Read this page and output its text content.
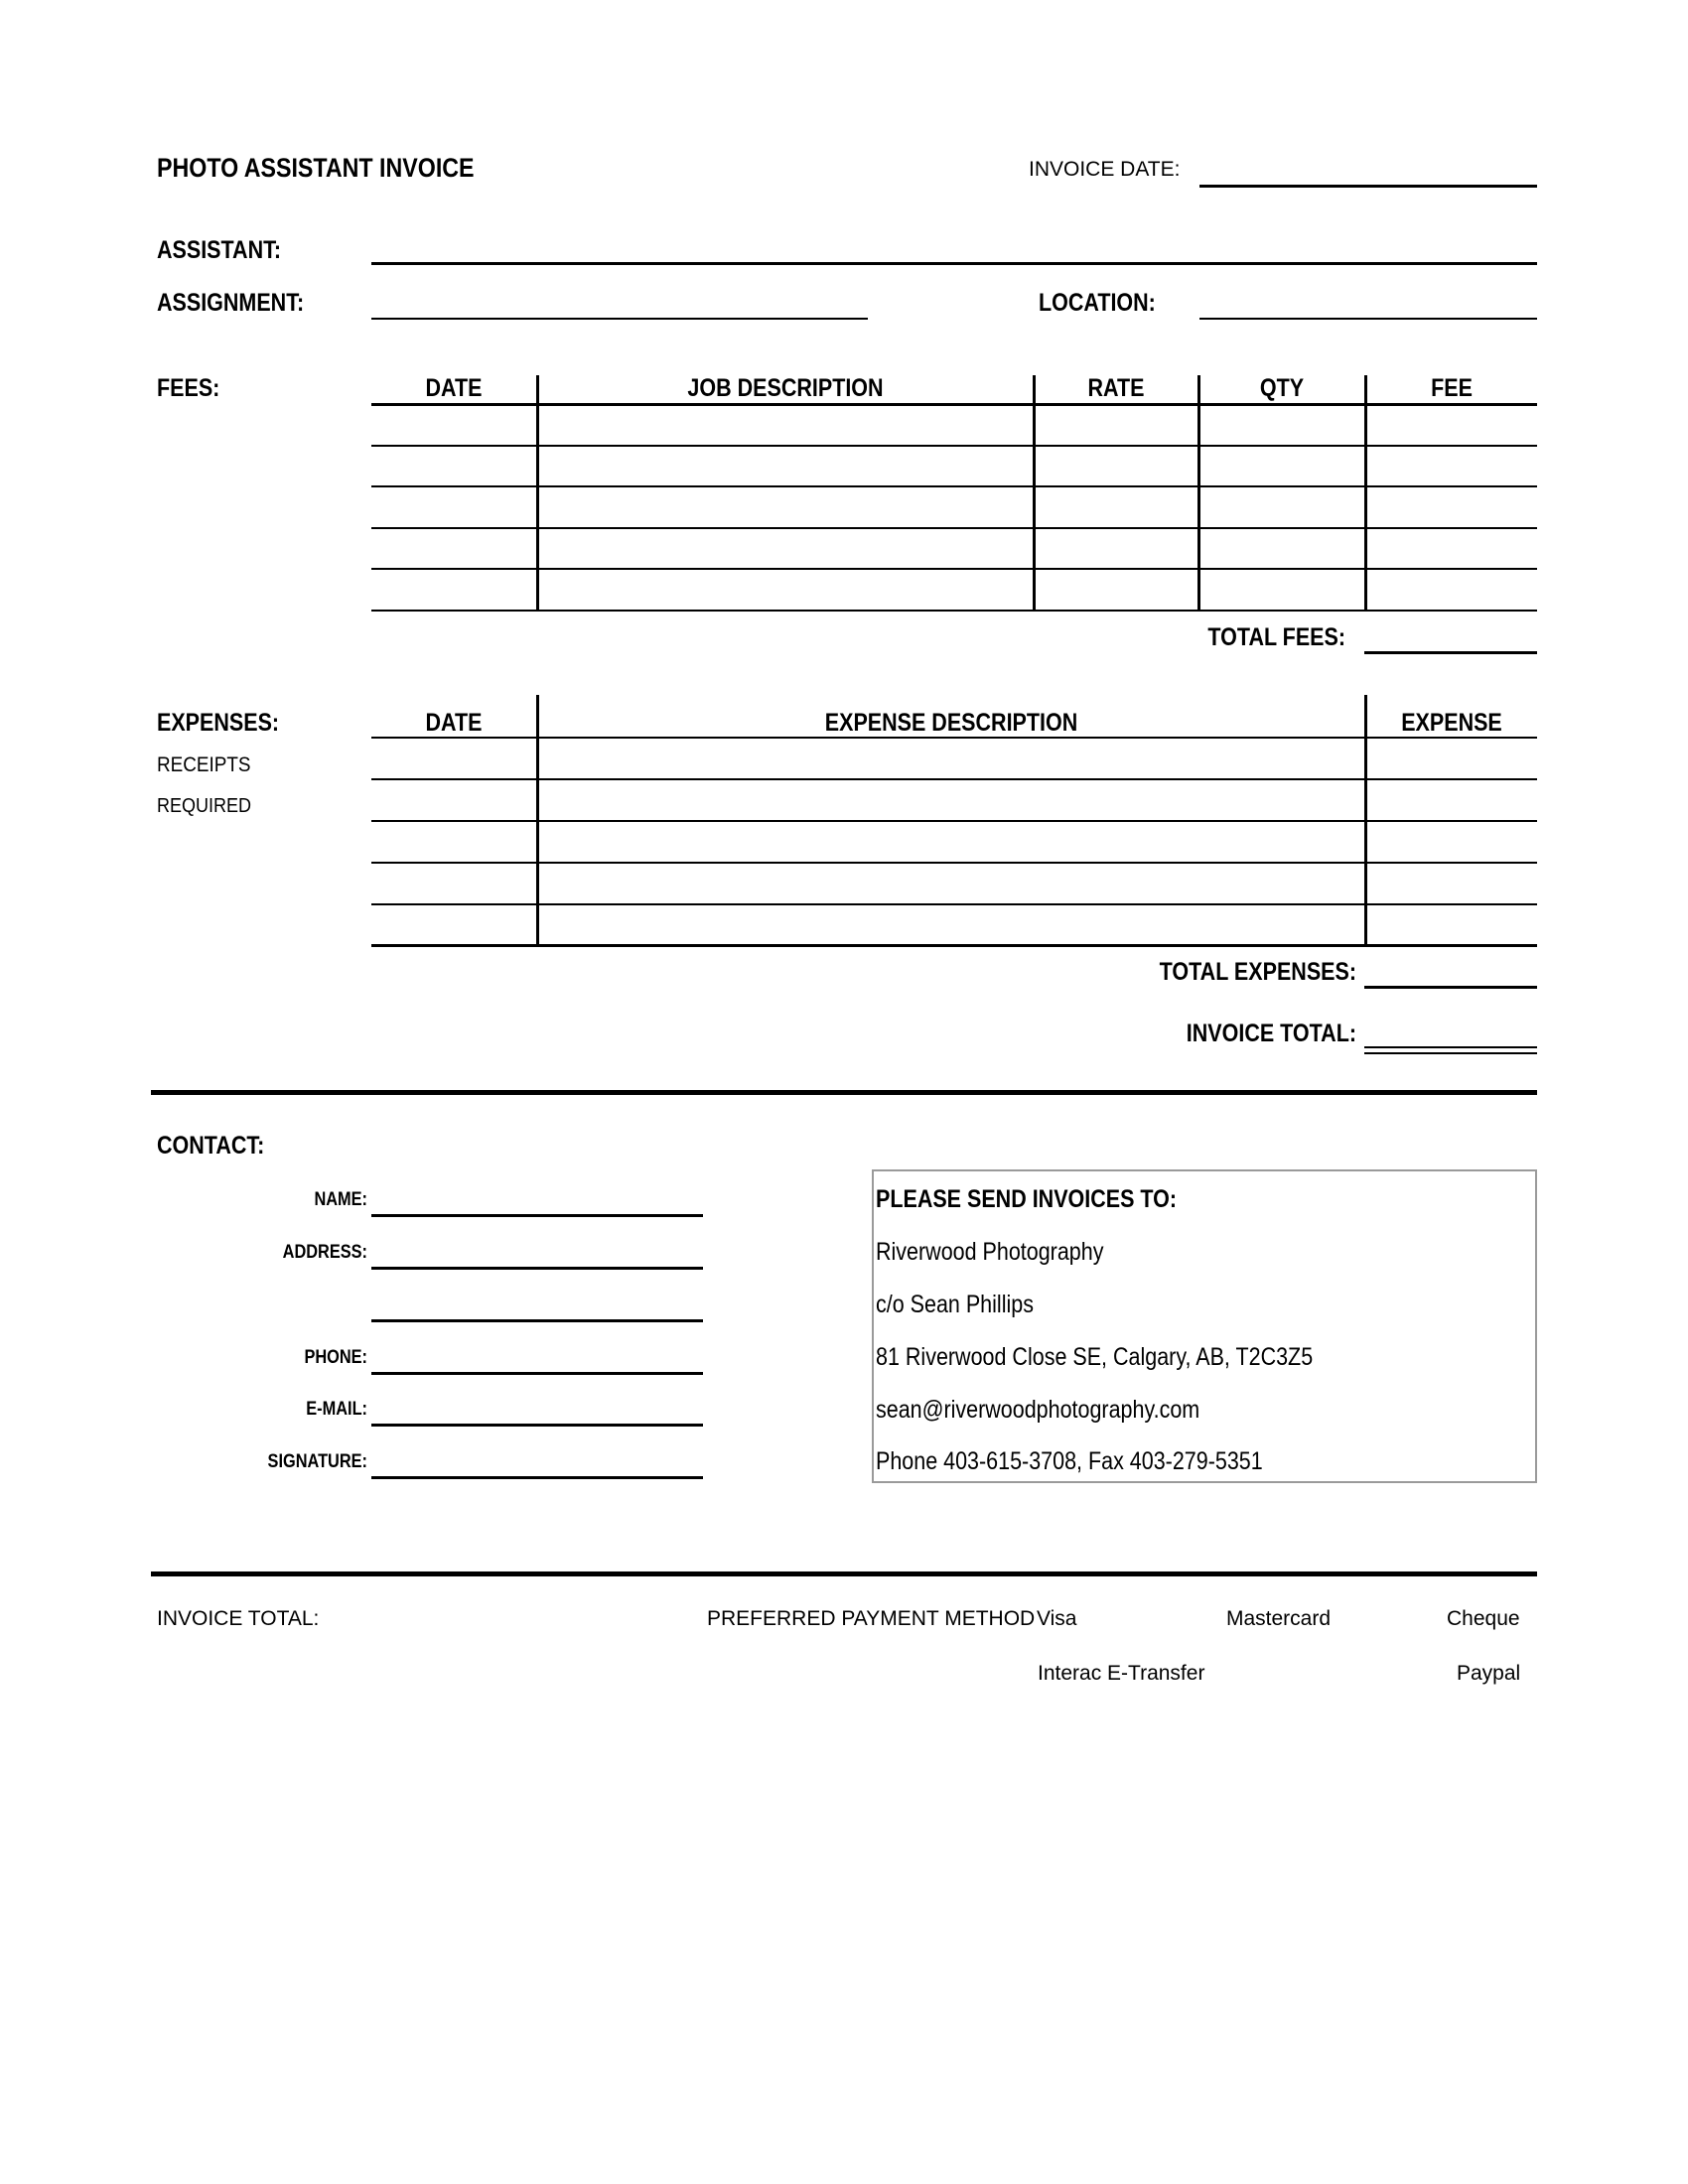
PHOTO ASSISTANT INVOICE	INVOICE DATE:
ASSISTANT:
ASSIGNMENT:	LOCATION:
FEES:	DATE	JOB DESCRIPTION	RATE	QTY	FEE
TOTAL FEES:
EXPENSES:
RECEIPTS
REQUIRED
DATE	EXPENSE DESCRIPTION	EXPENSE
TOTAL EXPENSES:
INVOICE TOTAL:
CONTACT:
NAME:
ADDRESS:
PHONE:
E-MAIL:
SIGNATURE:
PLEASE SEND INVOICES TO:
Riverwood Photography
c/o Sean Phillips
81 Riverwood Close SE, Calgary, AB, T2C3Z5
sean@riverwoodphotography.com
Phone 403-615-3708, Fax 403-279-5351
INVOICE TOTAL:	PREFERRED PAYMENT METHOD Visa	Mastercard	Cheque
Interac E-Transfer	Paypal
